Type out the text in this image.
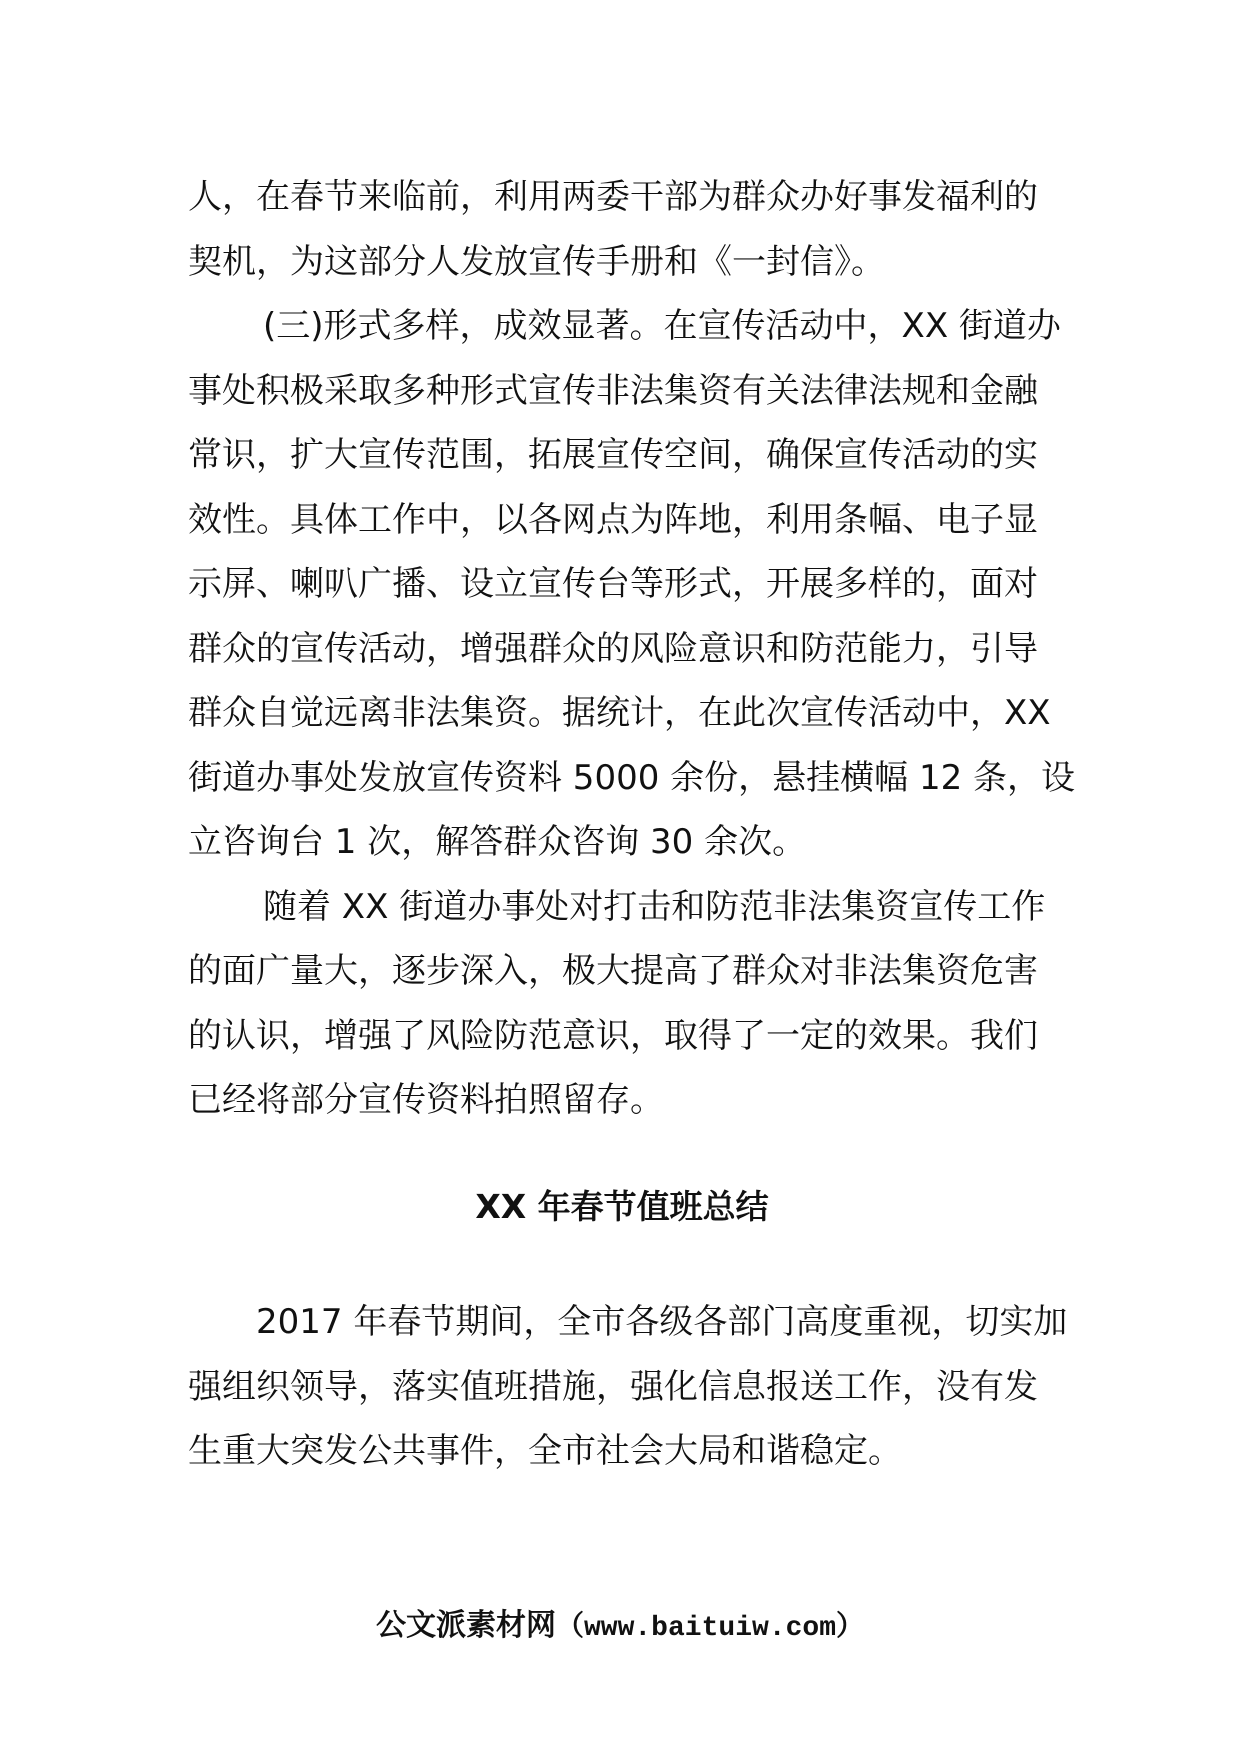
人，在春节来临前，利用两委干部为群众办好事发福利的
契机，为这部分人发放宣传手册和《一封信》。
(三)形式多样，成效显著。在宣传活动中，XX 街道办
事处积极采取多种形式宣传非法集资有关法律法规和金融
常识，扩大宣传范围，拓展宣传空间，确保宣传活动的实
效性。具体工作中，以各网点为阵地，利用条幅、电子显
示屏、喇叭广播、设立宣传台等形式，开展多样的，面对
群众的宣传活动，增强群众的风险意识和防范能力，引导
群众自觉远离非法集资。据统计，在此次宣传活动中，XX
街道办事处发放宣传资料 5000 余份，悬挂横幅 12 条，设
立咨询台 1 次，解答群众咨询 30 余次。
随着 XX 街道办事处对打击和防范非法集资宣传工作
的面广量大，逐步深入，极大提高了群众对非法集资危害
的认识，增强了风险防范意识，取得了一定的效果。我们
已经将部分宣传资料拍照留存。
XX 年春节值班总结
2017 年春节期间，全市各级各部门高度重视，切实加
强组织领导，落实值班措施，强化信息报送工作，没有发
生重大突发公共事件，全市社会大局和谐稳定。
公文派素材网（www.baituiw.com）
